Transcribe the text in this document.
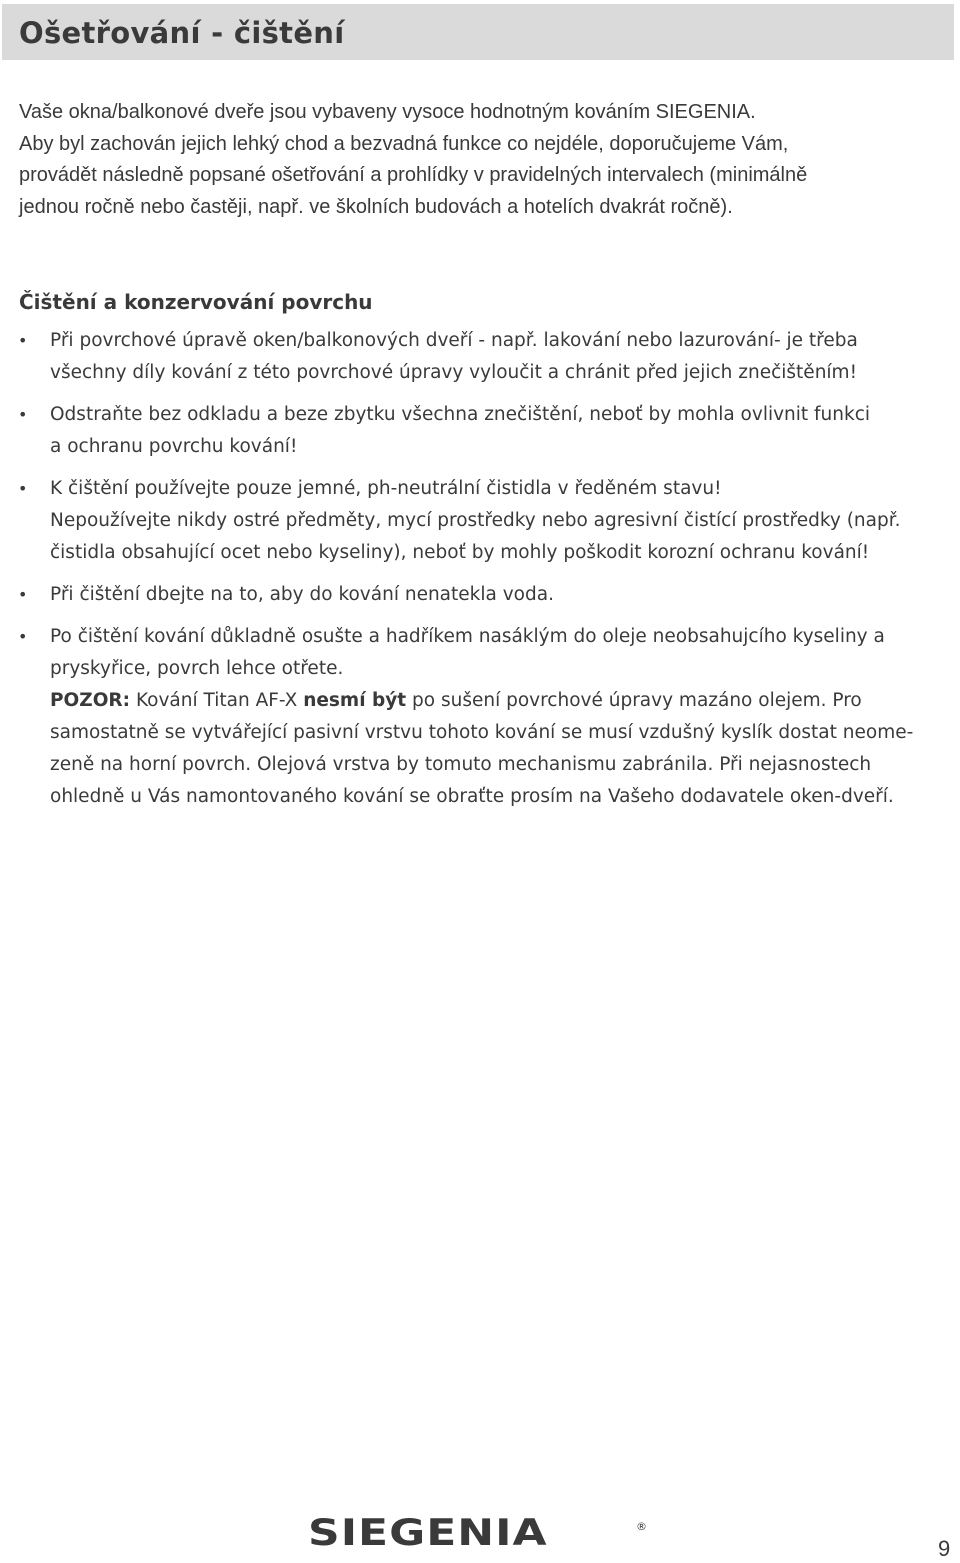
Ošetřování - čištění

Vaše okna/balkonové dveře jsou vybaveny vysoce hodnotným kováním SIEGENIA.

Aby byl zachován jejich lehký chod a bezvadná funkce co nejdéle, doporučujeme Vám,

provádět následně popsané ošetřování a prohlídky v pravidelných intervalech (minimálně

jednou ročně nebo častěji, např. ve školních budovách a hotelích dvakrát ročně).

Čištění a konzervování povrchu
• Při povrchové úpravě oken/balkonových dveří - např. lakování nebo lazurování- je třeba

všechny díly kování z této povrchové úpravy vyloučit a chránit před jejich znečištěním!

• Odstraňte bez odkladu a beze zbytku všechna znečištění, neboť by mohla ovlivnit funkci

a ochranu povrchu kování!

• K čištění používejte pouze jemné, ph-neutrální čistidla v ředěném stavu!

Nepoužívejte nikdy ostré předměty, mycí prostředky nebo agresivní čistící prostředky (např.

čistidla obsahující ocet nebo kyseliny), neboť by mohly poškodit korozní ochranu kování!

• Při čištění dbejte na to, aby do kování nenatekla voda.

• Po čištění kování důkladně osušte a hadříkem nasáklým do oleje neobsahujcího kyseliny a

pryskyřice, povrch lehce otřete.

POZOR: Kování Titan AF-X nesmí být po sušení povrchové úpravy mazáno olejem. Pro

samostatně se vytvářející pasivní vrstvu tohoto kování se musí vzdušný kyslík dostat neome-

zeně na horní povrch. Olejová vrstva by tomuto mechanismu zabránila. Při nejasnostech

ohledně u Vás namontovaného kování se obraťte prosím na Vašeho dodavatele oken-dveří.

SIEGENIA	®
9
